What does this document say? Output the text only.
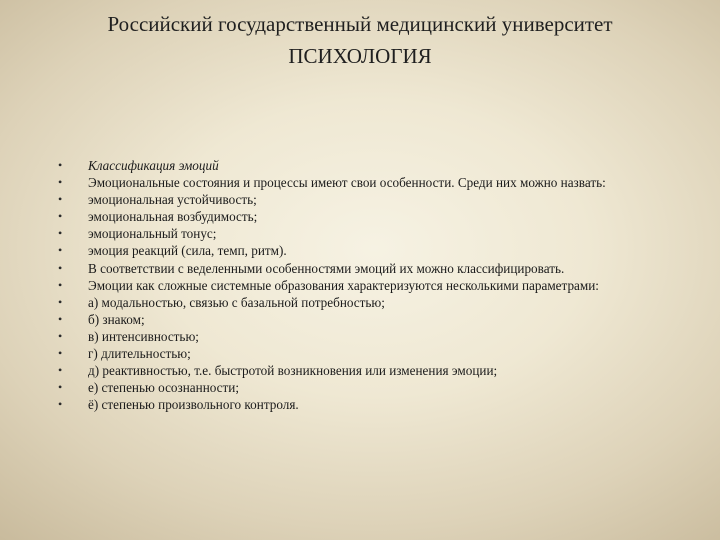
Российский государственный медицинский университет
ПСИХОЛОГИЯ
• Классификация эмоций
• Эмоциональные состояния и процессы имеют свои особенности. Среди них можно назвать:
• эмоциональная устойчивость;
• эмоциональная возбудимость;
• эмоциональный тонус;
• эмоция реакций (сила, темп, ритм).
• В соответствии с веделенными особенностями эмоций их можно классифицировать.
• Эмоции как сложные системные образования характеризуются несколькими параметрами:
• а) модальностью, связью с базальной потребностью;
• б) знаком;
• в) интенсивностью;
• г) длительностью;
• д) реактивностью, т.е. быстротой возникновения или изменения эмоции;
• е) степенью осознанности;
• ё) степенью произвольного контроля.
